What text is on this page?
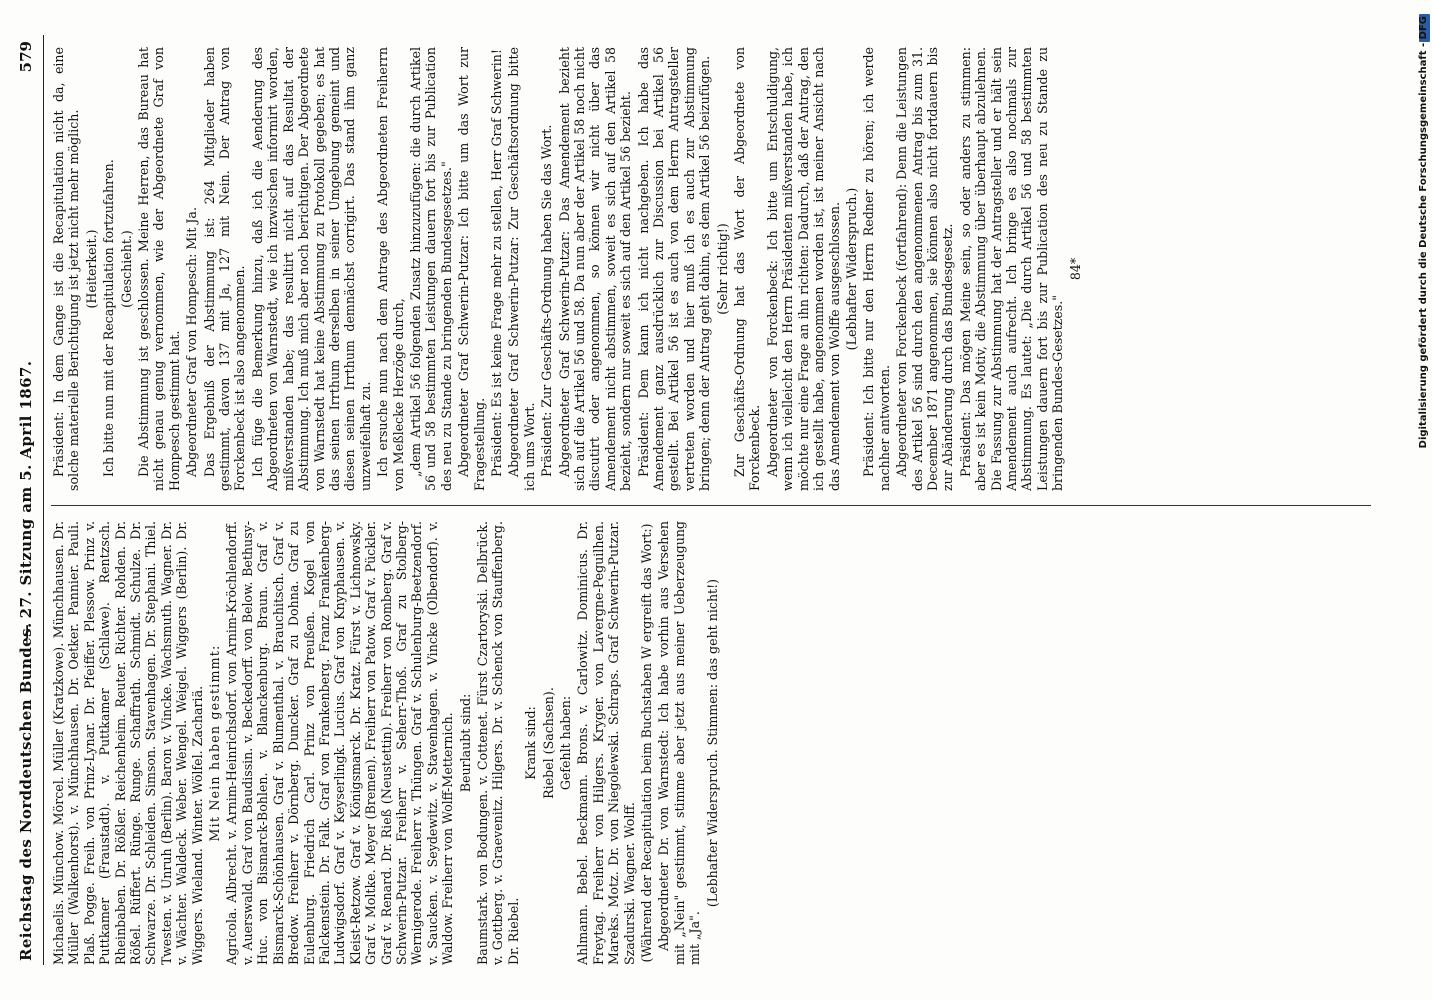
Reichstag des Norddeutschen Bundes.
— 27. Sitzung am 5. April 1867.
579

Michaelis. Münchow. Mörcel. Müller (Kratzkowe). Münchhausen. Dr. Müller (Walkenhorst). v. Münchhausen. Dr. Oetker. Pannier. Pauli. Plaß. Pogge. Freih. von Prinz-Lynar. Dr. Pfeiffer. Plessow. Prinz v. Puttkamer (Fraustadt). v. Puttkamer (Schlawe). Rentzsch. Rheinbaben. Dr. Rößler. Reichenheim. Reuter. Richter. Rohden. Dr. Rößel. Rüffert. Rünge. Runge. Schaffrath. Schmidt. Schulze. Dr. Schwarze. Dr. Schleiden. Simson. Stavenhagen. Dr. Stephani. Thiel. Twesten. v. Unruh (Berlin). Baron v. Vincke. Wachsmuth. Wagner. Dr. v. Wächter. Waldeck. Weber. Wengel. Weigel. Wiggers (Berlin). Dr. Wiggers. Wieland. Winter. Wölfel. Zachariä. Mit Nein haben gestimmt: Agricola. Albrecht. v. Arnim-Heinrichsdorf. von Arnim-Kröchlendorff. v. Auerswald. Graf von Baudissin. v. Beckedorff. von Below. Bethusy-Huc. von Bismarck-Bohlen. v. Blanckenburg. Braun. Graf v. Bismarck-Schönhausen. Graf v. Blumenthal. v. Brauchitsch. Graf v. Bredow. Freiherr v. Dörnberg. Duncker. Graf zu Dohna. Graf zu Eulenburg. Friedrich Carl. Prinz von Preußen. Kogel von Falckenstein. Dr. Falk. Graf von Frankenberg. Franz Frankenberg-Ludwigsdorf. Graf v. Keyserlingk. Lucius. Graf von Knyphausen. v. Kleist-Retzow. Graf v. Königsmarck. Dr. Kratz. Fürst v. Lichnowsky. Graf v. Moltke. Meyer (Bremen). Freiherr von Patow. Graf v. Pückler. Graf v. Renard. Dr. Rieß (Neustettin). Freiherr von Romberg. Graf v. Schwerin-Putzar. Freiherr v. Seherr-Thoß. Graf zu Stolberg-Wernigerode. Freiherr v. Thüngen. Graf v. Schulenburg-Beetzendorf. v. Saucken. v. Seydewitz. v. Stavenhagen. v. Vincke (Olbendorf). v. Waldow. Freiherr von Wolff-Metternich. Beurlaubt sind: Baumstark. von Bodungen. v. Cottenet. Fürst Czartoryski. Delbrück. v. Gottberg. v. Graevenitz. Hilgers. Dr. v. Schenck von Stauffenberg. Dr. Riebel.

Krank sind: Riebel (Sachsen). Gefehlt haben: Ahlmann. Bebel. Beckmann. Brons. v. Carlowitz. Dominicus. Dr. Freytag. Freiherr von Hilgers. Kryger. von Lavergne-Peguilhen. Mareks. Motz. Dr. von Niegolewski. Schraps. Graf Schwerin-Putzar. Szadurski. Wagner. Wolff. (Während der Recapitulation beim Buchstaben W ergreift das Wort:) Abgeordneter Dr. von Warnstedt: Ich habe vorhin aus Versehen mit „Nein" gestimmt, stimme aber jetzt aus meiner Ueberzeugung mit „Ja".

(Lebhafter Widerspruch. Stimmen: das geht nicht!)

Präsident: In dem Gange ist die Recapitulation nicht da, eine solche materielle Berichtigung ist jetzt nicht mehr möglich. (Heiterkeit.) Ich bitte nun mit der Recapitulation fortzufahren. (Geschieht.) Die Abstimmung ist geschlossen. Meine Herren, das Bureau hat nicht genau genug vernommen, wie der Abgeordnete Graf von Hompesch gestimmt hat. Abgeordneter Graf von Hompesch: Mit Ja. Das Ergebniß der Abstimmung ist: 264 Mitglieder haben gestimmt, davon 137 mit Ja, 127 mit Nein. Der Antrag von Forckenbeck ist also angenommen. Ich füge die Bemerkung hinzu, daß ich die Aenderung des Abgeordneten von Warnstedt, wie ich inzwischen informirt worden, mißverstanden habe; das resultirt nicht auf das Resultat der Abstimmung. Ich muß mich aber noch berichtigen. Der Abgeordnete von Warnstedt hat keine Abstimmung zu Protokoll gegeben; es hat das seinen Irrthum derselben in seiner Umgebung gemeint und diesen seinen Irrthum demnächst corrigirt. Das stand ihm ganz unzweifelhaft zu. Ich ersuche nun nach dem Antrage des Abgeordneten Freiherrn von Meßlecke Herzöge durch, „dem Artikel 56 folgenden Zusatz hinzuzufügen: die durch Artikel 56 und 58 bestimmten Leistungen dauern fort bis zur Publication des neu zu Stande zu bringenden Bundesgesetzes." Abgeordneter Graf Schwerin-Putzar: Ich bitte um das Wort zur Fragestellung. Präsident: Es ist keine Frage mehr zu stellen, Herr Graf Schwerin! Abgeordneter Graf Schwerin-Putzar: Zur Geschäftsordnung bitte ich ums Wort. Präsident: Zur Geschäfts-Ordnung haben Sie das Wort. Abgeordneter Graf Schwerin-Putzar: Das Amendement bezieht sich auf die Artikel 56 und 58. Da nun aber der Artikel 58 noch nicht discutirt oder angenommen, so können wir nicht über das Amendement nicht abstimmen, soweit es sich auf den Artikel 58 bezieht, sondern nur soweit es sich auf den Artikel 56 bezieht. Präsident: Dem kann ich nicht nachgeben. Ich habe das Amendement ganz ausdrücklich zur Discussion bei Artikel 56 gestellt. Bei Artikel 56 ist es auch von dem Herrn Antragsteller vertreten worden und hier muß ich es auch zur Abstimmung bringen; denn der Antrag geht dahin, es dem Artikel 56 beizufügen. (Sehr richtig!) Zur Geschäfts-Ordnung hat das Wort der Abgeordnete von Forckenbeck. Abgeordneter von Forckenbeck: Ich bitte um Entschuldigung, wenn ich vielleicht den Herrn Präsidenten mißverstanden habe, ich möchte nur eine Frage an ihn richten: Dadurch, daß der Antrag, den ich gestellt habe, angenommen worden ist, ist meiner Ansicht nach das Amendement von Wolffe ausgeschlossen. (Lebhafter Widerspruch.) Präsident: Ich bitte nur den Herrn Redner zu hören; ich werde nachher antworten. Abgeordneter von Forckenbeck (fortfahrend): Denn die Leistungen des Artikel 56 sind durch den angenommenen Antrag bis zum 31. December 1871 angenommen, sie können also nicht fortdauern bis zur Abänderung durch das Bundesgesetz. Präsident: Das mögen Meine sein, so oder anders zu stimmen: aber es ist kein Motiv, die Abstimmung über überhaupt abzulehnen. Die Fassung zur Abstimmung hat der Antragsteller und er hält sein Amendement auch aufrecht. Ich bringe es also nochmals zur Abstimmung. Es lautet: „Die durch Artikel 56 und 58 bestimmten Leistungen dauern fort bis zur Publication des neu zu Stande zu bringenden Bundes-Gesetzes."

84*	Digitalisierung gefördert durch die Deutsche Forschungsgemeinschaft - DFG
